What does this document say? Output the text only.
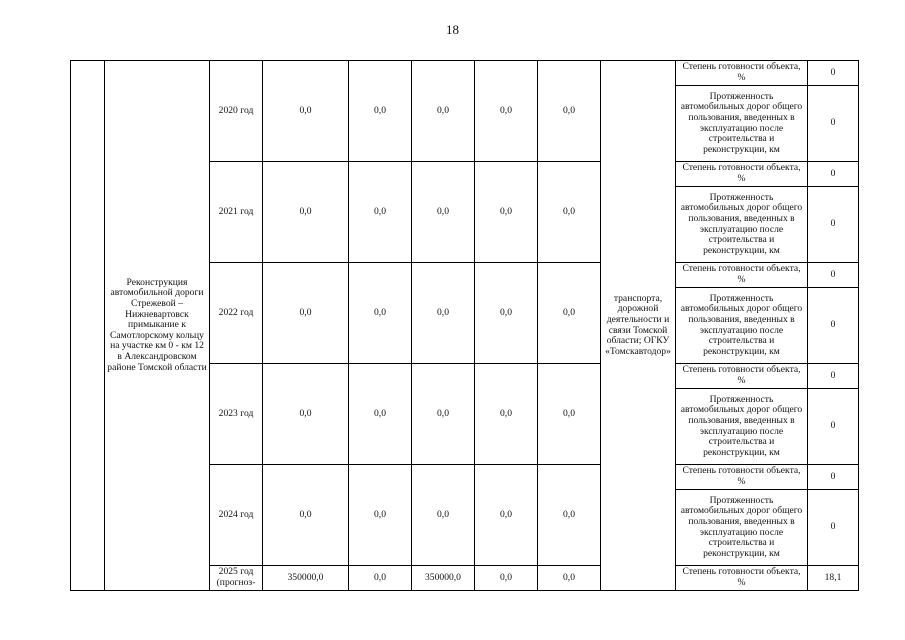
18
	Реконструкция автомобильной дороги Стрежевой – Нижневартовск примыкание к Самотлорскому кольцу на участке км 0 - км 12 в Александровском районе Томской области	2020 год	0,0	0,0	0,0	0,0	0,0	транспорта, дорожной деятельности и связи Томской области; ОГКУ «Томскавтодор»	Степень готовности объекта, %	0
									Протяженность автомобильных дорог общего пользования, введенных в эксплуатацию после строительства и реконструкции, км	0
		2021 год	0,0	0,0	0,0	0,0	0,0		Степень готовности объекта, %	0
									Протяженность автомобильных дорог общего пользования, введенных в эксплуатацию после строительства и реконструкции, км	0
		2022 год	0,0	0,0	0,0	0,0	0,0		Степень готовности объекта, %	0
									Протяженность автомобильных дорог общего пользования, введенных в эксплуатацию после строительства и реконструкции, км	0
		2023 год	0,0	0,0	0,0	0,0	0,0		Степень готовности объекта, %	0
									Протяженность автомобильных дорог общего пользования, введенных в эксплуатацию после строительства и реконструкции, км	0
		2024 год	0,0	0,0	0,0	0,0	0,0		Степень готовности объекта, %	0
									Протяженность автомобильных дорог общего пользования, введенных в эксплуатацию после строительства и реконструкции, км	0
		2025 год (прогноз-	350000,0	0,0	350000,0	0,0	0,0		Степень готовности объекта, %	18,1
